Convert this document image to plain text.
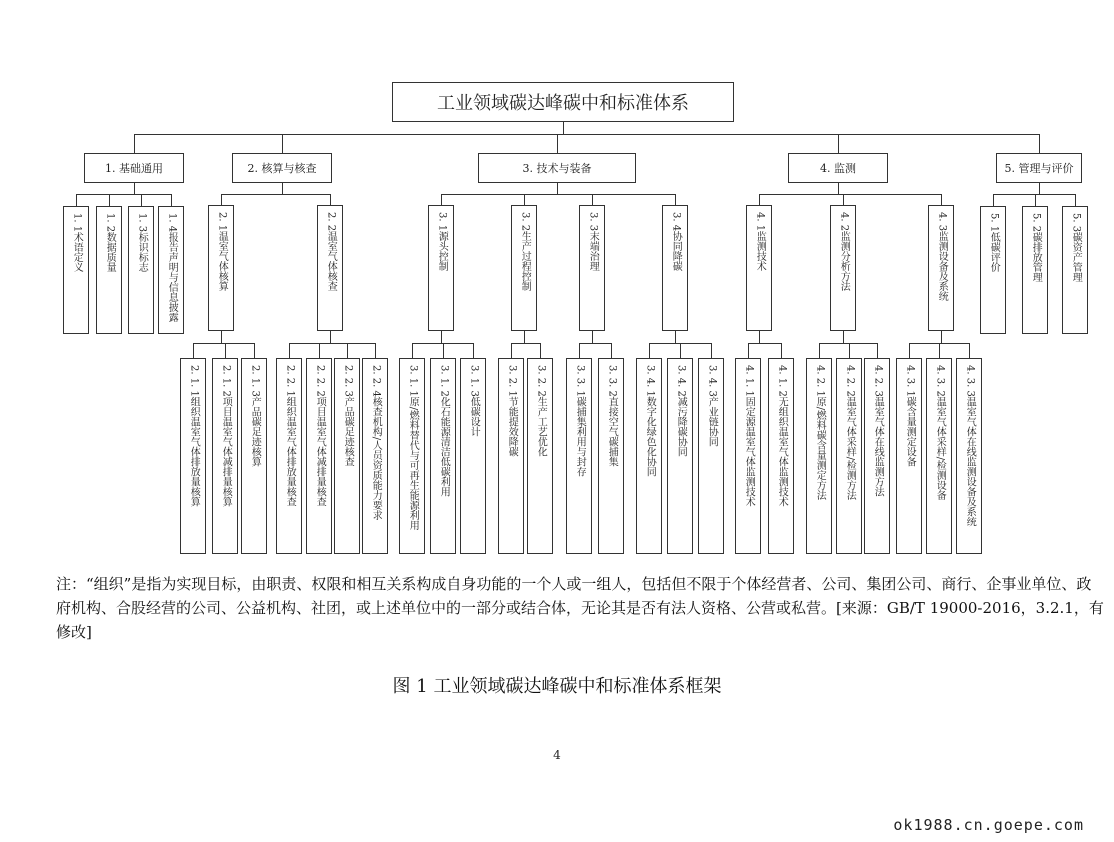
工业领域碳达峰碳中和标准体系
1. 基础通用
1. 1术语定义 1. 2数据质量 1. 3标识标志 1. 4报告声明与信息披露
2. 核算与核查
2. 1温室气体核算
2. 1. 1组织温室气体排放量核算 2. 1. 2项目温室气体减排量核算 2. 1. 3产品碳足迹核算
2. 2温室气体核查
2. 2. 1组织温室气体排放量核查 2. 2. 2项目温室气体减排量核查 2. 2. 3产品碳足迹核查 2. 2. 4核查机构/人员资质能力要求
3. 技术与装备
3. 1源头控制
3. 1. 1原/燃料替代与可再生能源利用 3. 1. 2化石能源清洁低碳利用 3. 1. 3低碳设计
3. 2生产过程控制
3. 2. 1节能提效降碳 3. 2. 2生产工艺优化
3. 3末端治理
3. 3. 1碳捕集利用与封存 3. 3. 2直接空气碳捕集
3. 4协同降碳
3. 4. 1数字化绿色化协同 3. 4. 2减污降碳协同 3. 4. 3产业链协同
4. 监测
4. 1监测技术
4. 1. 1固定源温室气体监测技术 4. 1. 2无组织温室气体监测技术
4. 2监测分析方法
4. 2. 1原/燃料碳含量测定方法 4. 2. 2温室气体采样/检测方法 4. 2. 3温室气体在线监测方法
4. 3监测设备及系统
4. 3. 1碳含量测定设备 4. 3. 2温室气体采样/检测设备 4. 3. 3温室气体在线监测设备及系统
5. 管理与评价
5. 1低碳评价	5. 2碳排放管理	5. 3碳资产管理
注：“组织”是指为实现目标，由职责、权限和相互关系构成自身功能的一个人或一组人，包括但不限于个体经营者、公司、集团公司、商行、企事业单位、政府机构、合股经营的公司、公益机构、社团，或上述单位中的一部分或结合体，无论其是否有法人资格、公营或私营。[来源：GB/T 19000-2016，3.2.1，有修改]
图 1 工业领域碳达峰碳中和标准体系框架
4
ok1988.cn.goepe.com
